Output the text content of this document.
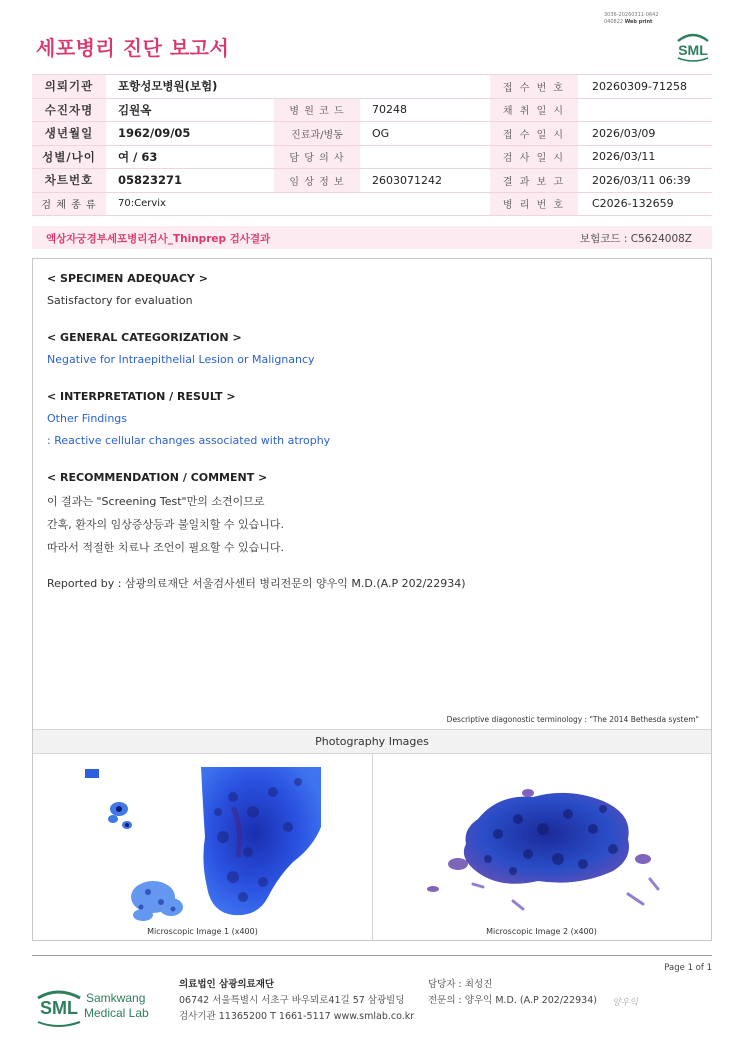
3036-20260311-0642
040822 Web print
SML
세포병리 진단 보고서
의뢰기관	포항성모병원(보험)			접 수 번 호	20260309-71258
수진자명	김원옥	병 원 코 드	70248	채 취 일 시	
생년월일	1962/09/05	진료과/병동	OG	접 수 일 시	2026/03/09
성별/나이	여 / 63	담 당 의 사		검 사 일 시	2026/03/11
차트번호	05823271	임 상 정 보	2603071242	결 과 보 고	2026/03/11 06:39
검 체 종 류	70:Cervix			병 리 번 호	C2026-132659
액상자궁경부세포병리검사_Thinprep 검사결과	보험코드 : C5624008Z
< SPECIMEN ADEQUACY >
Satisfactory for evaluation
< GENERAL CATEGORIZATION >
Negative for Intraepithelial Lesion or Malignancy
< INTERPRETATION / RESULT >
Other Findings
: Reactive cellular changes associated with atrophy
< RECOMMENDATION / COMMENT >
이 결과는 "Screening Test"만의 소견이므로
간혹, 환자의 임상증상등과 불일치할 수 있습니다.
따라서 적절한 치료나 조언이 필요할 수 있습니다.
Reported by : 삼광의료재단 서울검사센터 병리전문의 양우익 M.D.(A.P 202/22934)
Descriptive diagonostic terminology : "The 2014 Bethesda system"
Photography Images
Microscopic Image 1 (x400)	Microscopic Image 2 (x400)
Page 1 of 1
SML Samkwang
Medical Lab
의료법인 삼광의료재단
06742 서울특별시 서초구 바우뫼로41길 57 삼광빌딩
검사기관 11365200 T 1661-5117 www.smlab.co.kr
담당자 : 최성진
전문의 : 양우익 M.D. (A.P 202/22934) 양우익
